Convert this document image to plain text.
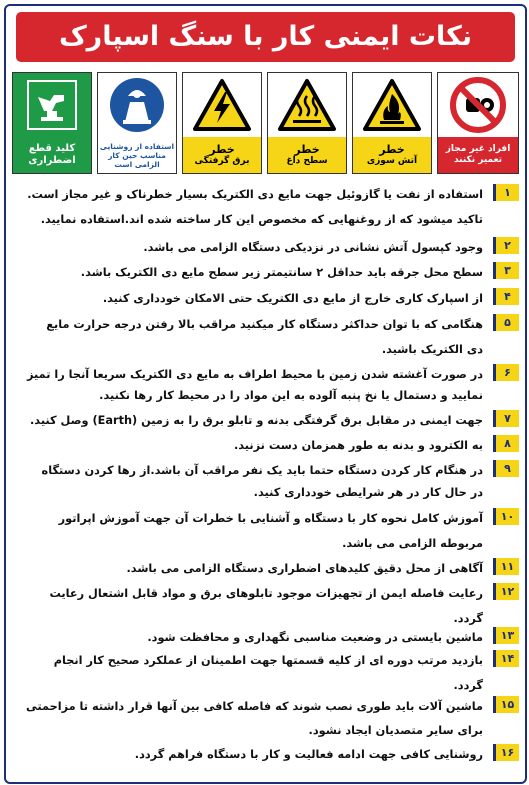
نکات ایمنی کار با سنگ اسپارک
کلید قطع
اضطراری
استفاده از روشنایی
مناسب حین کار
الزامی است
خطر
برق گرفتگی
خطر
سطح داغ
خطر
آتش سوزی
افراد غیر مجاز
تعمیر نکنند
۱
استفاده از نفت یا گازوئیل جهت مایع دی الکتریک بسیار خطرناک و غیر مجاز است.
تاکید میشود که از روغنهایی که مخصوص این کار ساخته شده اند.استفاده نمایید.
۲
وجود کپسول آتش نشانی در نزدیکی دستگاه الزامی می باشد.
۳
سطح محل جرقه باید حداقل ۲ سانتیمتر زیر سطح مایع دی الکتریک باشد.
۴
از اسپارک کاری خارج از مایع دی الکتریک حتی الامکان خودداری کنید.
۵
هنگامی که با توان حداکثر دستگاه کار میکنید مراقب بالا رفتن درجه حرارت مایع
دی الکتریک باشید.
۶
در صورت آغشته شدن زمین با محیط اطراف به مایع دی الکتریک سریعا آنجا را تمیز
نمایید و دستمال یا نخ پنبه آلوده به این مواد را در محیط کار رها نکنید.
۷
جهت ایمنی در مقابل برق گرفتگی بدنه و تابلو برق را به زمین (Earth) وصل کنید.
۸
به الکترود و بدنه به طور همزمان دست نزنید.
۹
در هنگام کار کردن دستگاه حتما باید یک نفر مراقب آن باشد.از رها کردن دستگاه
در حال کار در هر شرایطی خودداری کنید.
۱۰
آموزش کامل نحوه کار با دستگاه و آشنایی با خطرات آن جهت آموزش اپراتور
مربوطه الزامی می باشد.
۱۱
آگاهی از محل دقیق کلیدهای اضطراری دستگاه الزامی می باشد.
۱۲
رعایت فاصله ایمن از تجهیزات موجود تابلوهای برق و مواد قابل اشتعال رعایت
گردد.
۱۳
ماشین بایستی در وضعیت مناسبی نگهداری و محافظت شود.
۱۴
بازدید مرتب دوره ای از کلیه قسمتها جهت اطمینان از عملکرد صحیح کار انجام
گردد.
۱۵
ماشین آلات باید طوری نصب شوند که فاصله کافی بین آنها قرار داشته تا مزاحمتی
برای سایر متصدیان ایجاد نشود.
۱۶
روشنایی کافی جهت ادامه فعالیت و کار با دستگاه فراهم گردد.
